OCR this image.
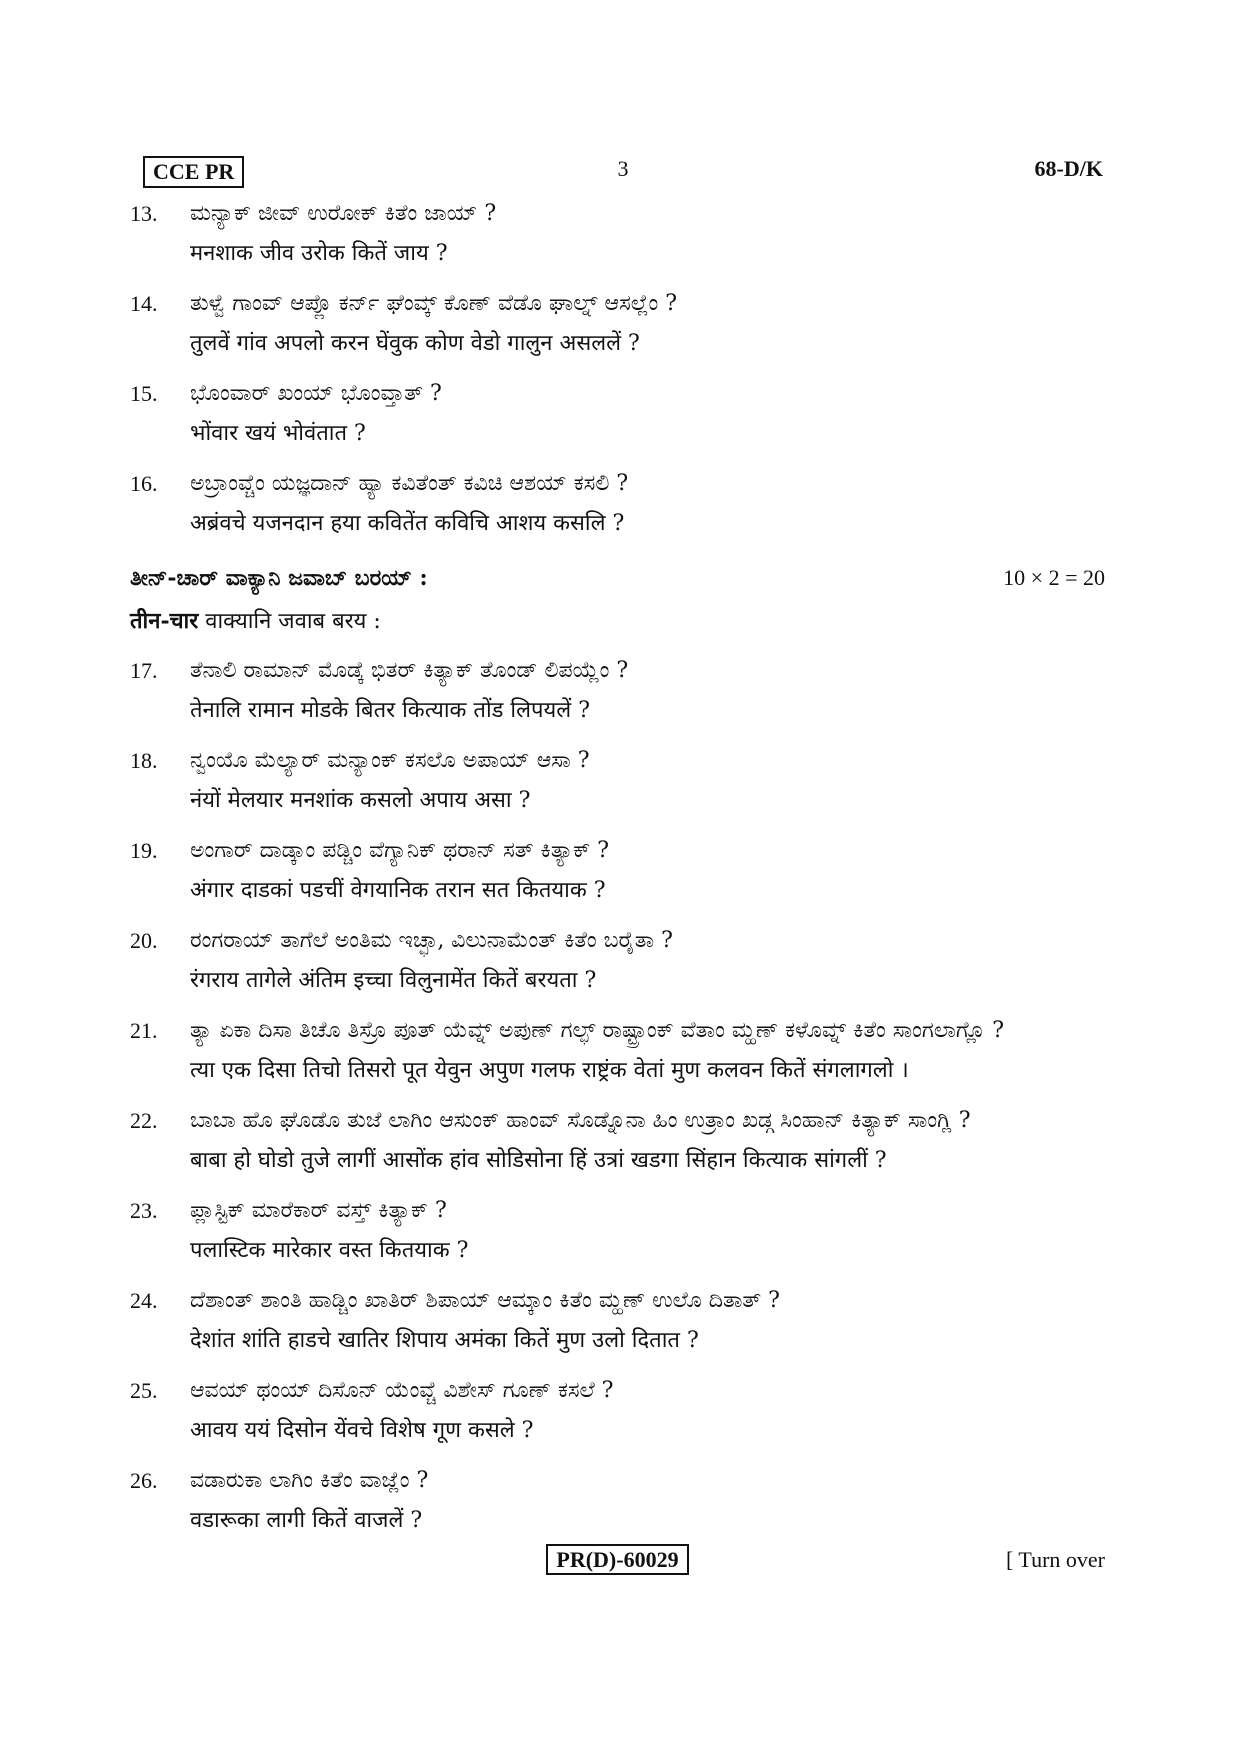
CCE PR	3	68-D/K
13.	ಮನ್ಯಾಕ್ ಜೀವ್ ಉರೋಕ್ ಕಿತೆಂ ಜಾಯ್ ?
मनशाक जीव उरोक कितें जाय ?
14.	ತುಳ್ವೆ ಗಾಂವ್ ಆಪ್ಲೊ ಕರ್ನ್ ಘೆಂವ್ಕ್ ಕೊಣ್ ವೆಡೊ ಘಾಲ್ನ್ ಆಸಲ್ಲೆಂ ?
तुलवें गांव अपलो करन घेंवुक कोण वेडो गालुन असललें ?
15.	ಭೊಂವಾರ್ ಖಂಯ್ ಭೊಂವ್ತಾತ್ ?
भोंवार खयं भोवंतात ?
16.	ಅಬ್ರಾಂವ್ಚೆಂ ಯಜ್ಞದಾನ್ ಹ್ಯಾ ಕವಿತೆಂತ್ ಕವಿಚಿ ಆಶಯ್ ಕಸಲಿ ?
अब्रंवचे यजनदान हया कवितेंत कविचि आशय कसलि ?
ತೀನ್-ಚಾರ್ ವಾಕ್ಯಾನಿ ಜವಾಬ್ ಬರಯ್ :	10 × 2 = 20
तीन-चार वाक्यानि जवाब बरय :
17.	ತೆನಾಲಿ ರಾಮಾನ್ ಮೊಡ್ಕೆ ಭಿತರ್ ಕಿತ್ಯಾಕ್ ತೊಂಡ್ ಲಿಪಯ್ಲೆಂ ?
तेनालि रामान मोडके बितर कित्याक तोंड लिपयलें ?
18.	ನ್ವಂಯೊ ಮೆಲ್ಯಾರ್ ಮನ್ಯಾಂಕ್ ಕಸಲೊ ಅಪಾಯ್ ಆಸಾ ?
नंयों मेलयार मनशांक कसलो अपाय असा ?
19.	ಅಂಗಾರ್ ದಾಡ್ಕಾಂ ಪಡ್ಚಿಂ ವೆಗ್ಯಾನಿಕ್ ಥರಾನ್ ಸತ್ ಕಿತ್ಯಾಕ್ ?
अंगार दाडकां पडचीं वेगयानिक तरान सत कितयाक ?
20.	ರಂಗರಾಯ್ ತಾಗೆಲೆ ಅಂತಿಮ ಇಚ್ಛಾ, ವಿಲುನಾಮೆಂತ್ ಕಿತೆಂ ಬರೈತಾ ?
रंगराय तागेले अंतिम इच्चा विलुनामेंत कितें बरयता ?
21.	ತ್ಯಾ ಏಕಾ ದಿಸಾ ತಿಚೊ ತಿಸ್ರೊ ಪೂತ್ ಯೆವ್ನ್ ಅಪುಣ್ ಗಲ್ಫ್ ರಾಷ್ಟ್ರಾಂಕ್ ವೆತಾಂ ಮ್ಹಣ್ ಕಳೊವ್ನ್ ಕಿತೆಂ ಸಾಂಗಲಾಗ್ಲೊ ?
त्या एक दिसा तिचो तिसरो पूत येवुन अपुण गलफ राष्ट्रंक वेतां मुण कलवन कितें संगलागलो ।
22.	ಬಾಬಾ ಹೊ ಘೊಡೊ ತುಜೆ ಲಾಗಿಂ ಆಸುಂಕ್ ಹಾಂವ್ ಸೊಡ್ನೊನಾ ಹಿಂ ಉತ್ರಾಂ ಖಡ್ಗ ಸಿಂಹಾನ್ ಕಿತ್ಯಾಕ್ ಸಾಂಗ್ಲಿ ?
बाबा हो घोडो तुजे लागीं आसोंक हांव सोडिसोना हिं उत्रां खडगा सिंहान कित्याक सांगलीं ?
23.	ಪ್ಲಾಸ್ಟಿಕ್ ಮಾರೆಕಾರ್ ವಸ್ತ್ ಕಿತ್ಯಾಕ್ ?
पलास्टिक मारेकार वस्त कितयाक ?
24.	ದೆಶಾಂತ್ ಶಾಂತಿ ಹಾಡ್ಚಿಂ ಖಾತಿರ್ ಶಿಪಾಯ್ ಆಮ್ಕಾಂ ಕಿತೆಂ ಮ್ಹಣ್ ಉಲೊ ದಿತಾತ್ ?
देशांत शांति हाडचे खातिर शिपाय अमंका कितें मुण उलो दितात ?
25.	ಆವಯ್ ಥಂಯ್ ದಿಸೊನ್ ಯೆಂವ್ಚೆ ವಿಶೇಸ್ ಗೂಣ್ ಕಸಲೆ ?
आवय ययं दिसोन येंवचे विशेष गूण कसले ?
26.	ವಡಾರುಕಾ ಲಾಗಿಂ ಕಿತೆಂ ವಾಜ್ಲೆಂ ?
वडारूका लागी कितें वाजलें ?
PR(D)-60029	[ Turn over
